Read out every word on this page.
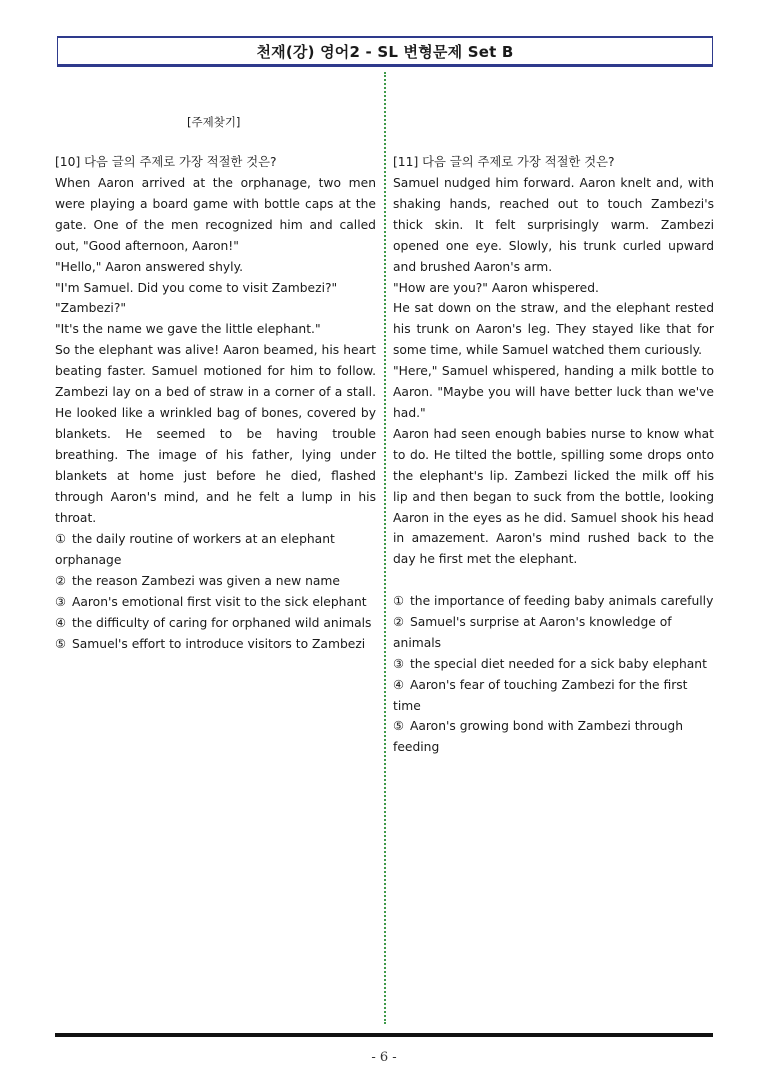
천재(강) 영어2 - SL 변형문제 Set B
[주제찾기]
[10] 다음 글의 주제로 가장 적절한 것은?

When Aaron arrived at the orphanage, two men were playing a board game with bottle caps at the gate. One of the men recognized him and called out, "Good afternoon, Aaron!"

"Hello," Aaron answered shyly.

"I'm Samuel. Did you come to visit Zambezi?"

"Zambezi?"

"It's the name we gave the little elephant."

So the elephant was alive! Aaron beamed, his heart beating faster. Samuel motioned for him to follow. Zambezi lay on a bed of straw in a corner of a stall. He looked like a wrinkled bag of bones, covered by blankets. He seemed to be having trouble breathing. The image of his father, lying under blankets at home just before he died, flashed through Aaron's mind, and he felt a lump in his throat.

① the daily routine of workers at an elephant orphanage
② the reason Zambezi was given a new name
③ Aaron's emotional first visit to the sick elephant
④ the difficulty of caring for orphaned wild animals
⑤ Samuel's effort to introduce visitors to Zambezi
[11] 다음 글의 주제로 가장 적절한 것은?

Samuel nudged him forward. Aaron knelt and, with shaking hands, reached out to touch Zambezi's thick skin. It felt surprisingly warm. Zambezi opened one eye. Slowly, his trunk curled upward and brushed Aaron's arm.

"How are you?" Aaron whispered.

He sat down on the straw, and the elephant rested his trunk on Aaron's leg. They stayed like that for some time, while Samuel watched them curiously.

"Here," Samuel whispered, handing a milk bottle to Aaron. "Maybe you will have better luck than we've had."

Aaron had seen enough babies nurse to know what to do. He tilted the bottle, spilling some drops onto the elephant's lip. Zambezi licked the milk off his lip and then began to suck from the bottle, looking Aaron in the eyes as he did. Samuel shook his head in amazement. Aaron's mind rushed back to the day he first met the elephant.

① the importance of feeding baby animals carefully
② Samuel's surprise at Aaron's knowledge of animals
③ the special diet needed for a sick baby elephant
④ Aaron's fear of touching Zambezi for the first time
⑤ Aaron's growing bond with Zambezi through feeding
- 6 -
